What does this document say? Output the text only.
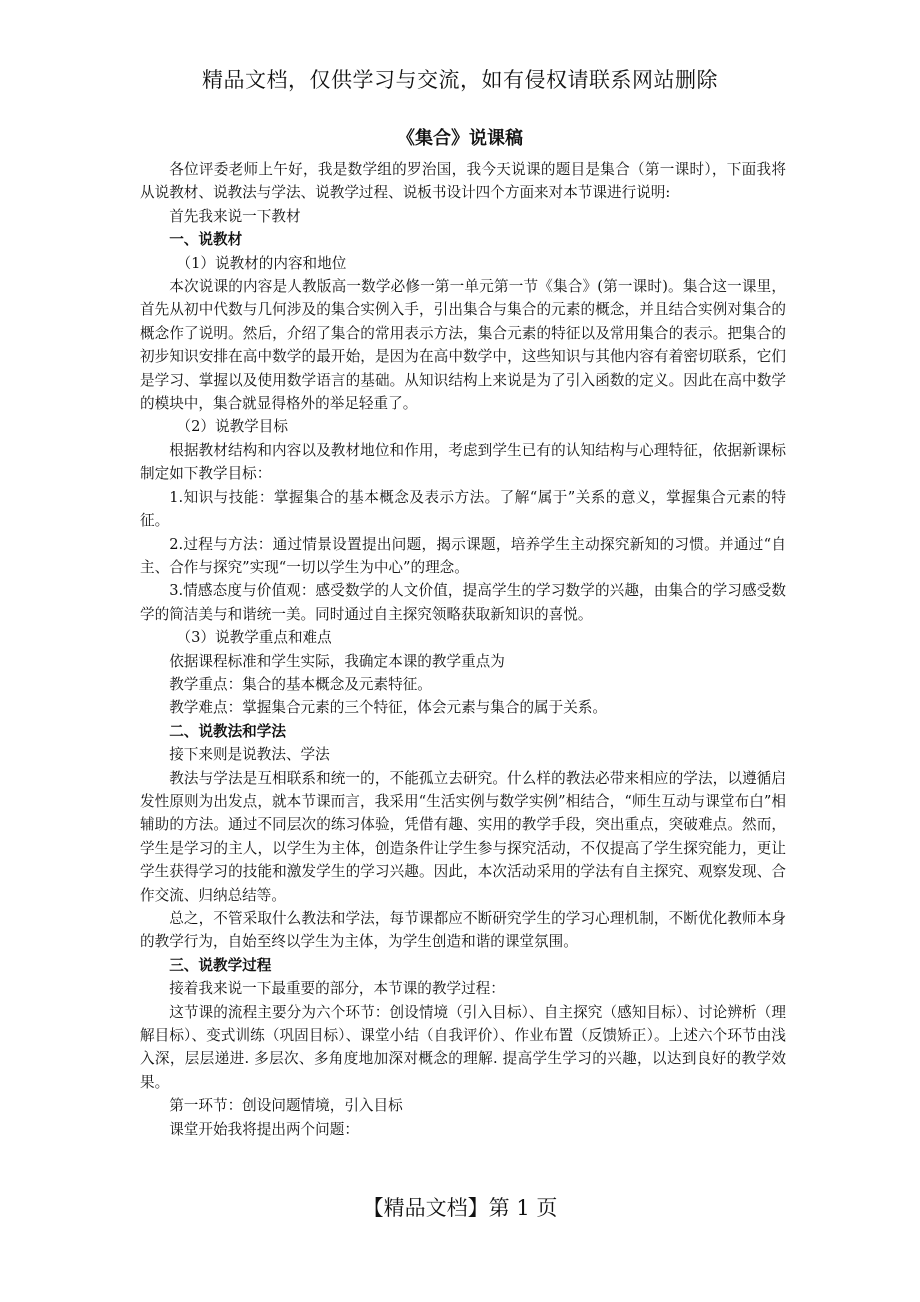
精品文档，仅供学习与交流，如有侵权请联系网站删除
《集合》说课稿

各位评委老师上午好，我是数学组的罗治国，我今天说课的题目是集合（第一课时），下面我将从说教材、说教法与学法、说教学过程、说板书设计四个方面来对本节课进行说明:

首先我来说一下教材

一、说教材

（1）说教材的内容和地位

本次说课的内容是人教版高一数学必修一第一单元第一节《集合》(第一课时)。集合这一课里，首先从初中代数与几何涉及的集合实例入手，引出集合与集合的元素的概念，并且结合实例对集合的概念作了说明。然后，介绍了集合的常用表示方法，集合元素的特征以及常用集合的表示。把集合的初步知识安排在高中数学的最开始，是因为在高中数学中，这些知识与其他内容有着密切联系，它们是学习、掌握以及使用数学语言的基础。从知识结构上来说是为了引入函数的定义。因此在高中数学的模块中，集合就显得格外的举足轻重了。

（2）说教学目标

根据教材结构和内容以及教材地位和作用，考虑到学生已有的认知结构与心理特征，依据新课标制定如下教学目标：

1.知识与技能：掌握集合的基本概念及表示方法。了解“属于”关系的意义，掌握集合元素的特征。

2.过程与方法：通过情景设置提出问题，揭示课题，培养学生主动探究新知的习惯。并通过“自主、合作与探究”实现“一切以学生为中心”的理念。

3.情感态度与价值观：感受数学的人文价值，提高学生的学习数学的兴趣，由集合的学习感受数学的简洁美与和谐统一美。同时通过自主探究领略获取新知识的喜悦。

（3）说教学重点和难点

依据课程标准和学生实际，我确定本课的教学重点为

教学重点：集合的基本概念及元素特征。

教学难点：掌握集合元素的三个特征，体会元素与集合的属于关系。

二、说教法和学法

接下来则是说教法、学法

教法与学法是互相联系和统一的，不能孤立去研究。什么样的教法必带来相应的学法，以遵循启发性原则为出发点，就本节课而言，我采用“生活实例与数学实例”相结合，“师生互动与课堂布白”相辅助的方法。通过不同层次的练习体验，凭借有趣、实用的教学手段，突出重点，突破难点。然而，学生是学习的主人，以学生为主体，创造条件让学生参与探究活动，不仅提高了学生探究能力，更让学生获得学习的技能和激发学生的学习兴趣。因此，本次活动采用的学法有自主探究、观察发现、合作交流、归纳总结等。

总之，不管采取什么教法和学法，每节课都应不断研究学生的学习心理机制，不断优化教师本身的教学行为，自始至终以学生为主体，为学生创造和谐的课堂氛围。

三、说教学过程

接着我来说一下最重要的部分，本节课的教学过程：

这节课的流程主要分为六个环节：创设情境（引入目标）、自主探究（感知目标）、讨论辨析（理解目标）、变式训练（巩固目标）、课堂小结（自我评价）、作业布置（反馈矫正）。上述六个环节由浅入深，层层递进. 多层次、多角度地加深对概念的理解. 提高学生学习的兴趣，以达到良好的教学效果。

第一环节：创设问题情境，引入目标

课堂开始我将提出两个问题：

【精品文档】第 1 页
